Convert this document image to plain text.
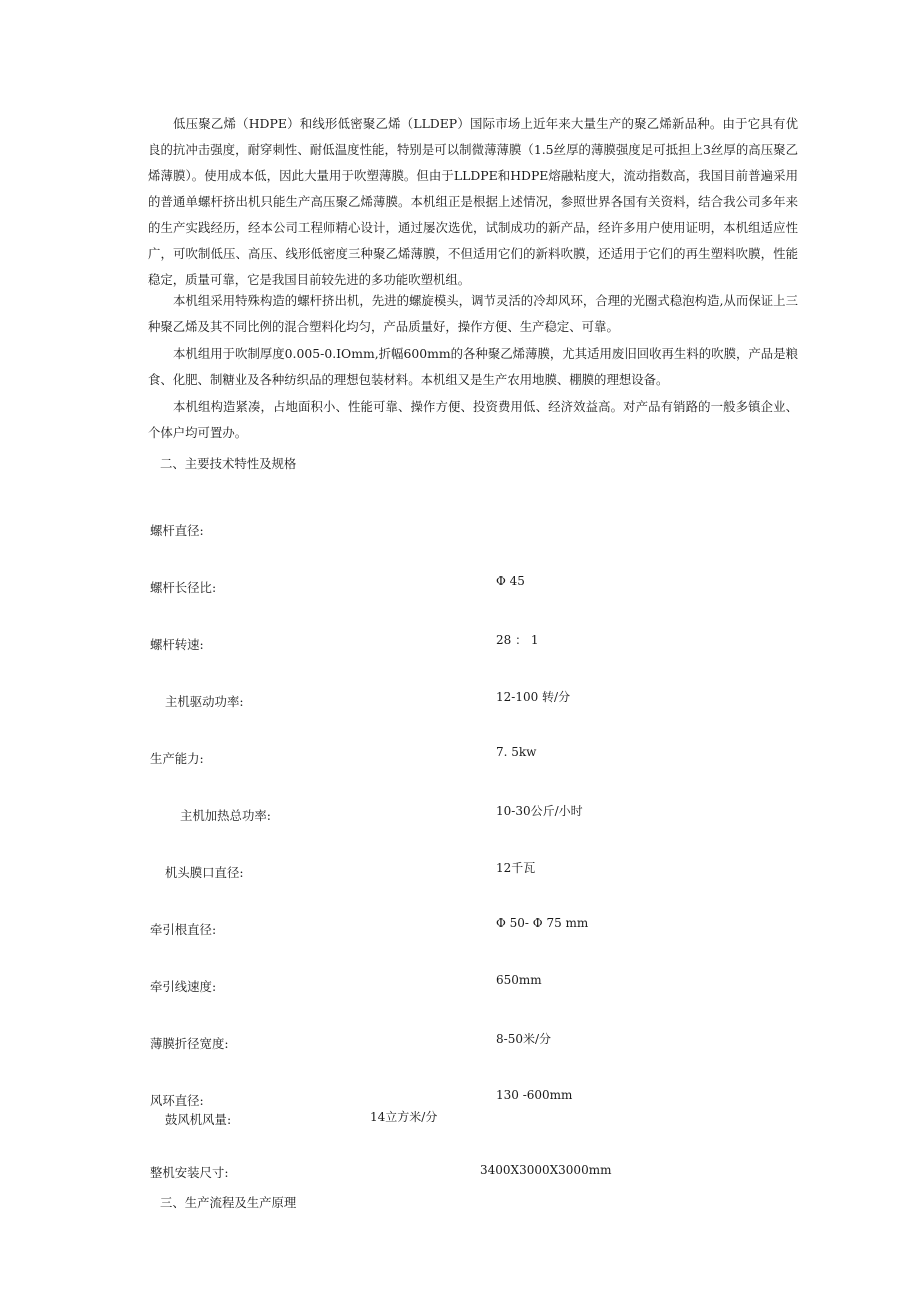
低压聚乙烯（HDPE）和线形低密聚乙烯（LLDEP）国际市场上近年来大量生产的聚乙烯新品种。由于它具有优良的抗冲击强度，耐穿刺性、耐低温度性能，特别是可以制微薄薄膜（1.5丝厚的薄膜强度足可抵担上3丝厚的高压聚乙烯薄膜）。使用成本低，因此大量用于吹塑薄膜。但由于LLDPE和HDPE熔融粘度大，流动指数高，我国目前普遍采用的普通单螺杆挤出机只能生产高压聚乙烯薄膜。本机组正是根据上述情况，参照世界各国有关资料，结合我公司多年来的生产实践经历，经本公司工程师精心设计，通过屡次选优，试制成功的新产品，经许多用户使用证明，本机组适应性广，可吹制低压、高压、线形低密度三种聚乙烯薄膜，不但适用它们的新料吹膜，还适用于它们的再生塑料吹膜，性能稳定，质量可靠，它是我国目前较先进的多功能吹塑机组。

本机组采用特殊构造的螺杆挤出机，先进的螺旋模头，调节灵活的冷却风环，合理的光圈式稳泡构造,从而保证上三种聚乙烯及其不同比例的混合塑料化均匀，产品质量好，操作方便、生产稳定、可靠。

本机组用于吹制厚度0.005-0.IOmm,折幅600mm的各种聚乙烯薄膜，尤其适用废旧回收再生料的吹膜，产品是粮食、化肥、制糖业及各种纺织品的理想包装材料。本机组又是生产农用地膜、棚膜的理想设备。

本机组构造紧凑，占地面积小、性能可靠、操作方便、投资费用低、经济效益高。对产品有销路的一般多镇企业、个体户均可置办。

二、主要技术特性及规格

螺杆直径:
螺杆长径比:
螺杆转速:
主机驱动功率:
生产能力:
主机加热总功率:
机头膜口直径:
牵引根直径:
牵引线速度:
薄膜折径宽度:
风环直径:
鼓风机风量:
整机安装尺寸:
Φ 45
28 ： 1
12-100 转/分
7. 5kw
10-30公斤/小时
12千瓦
Φ 50- Φ 75 mm
650mm
8-50米/分
130 -600mm
14立方米/分
3400X3000X3000mm

三、生产流程及生产原理
